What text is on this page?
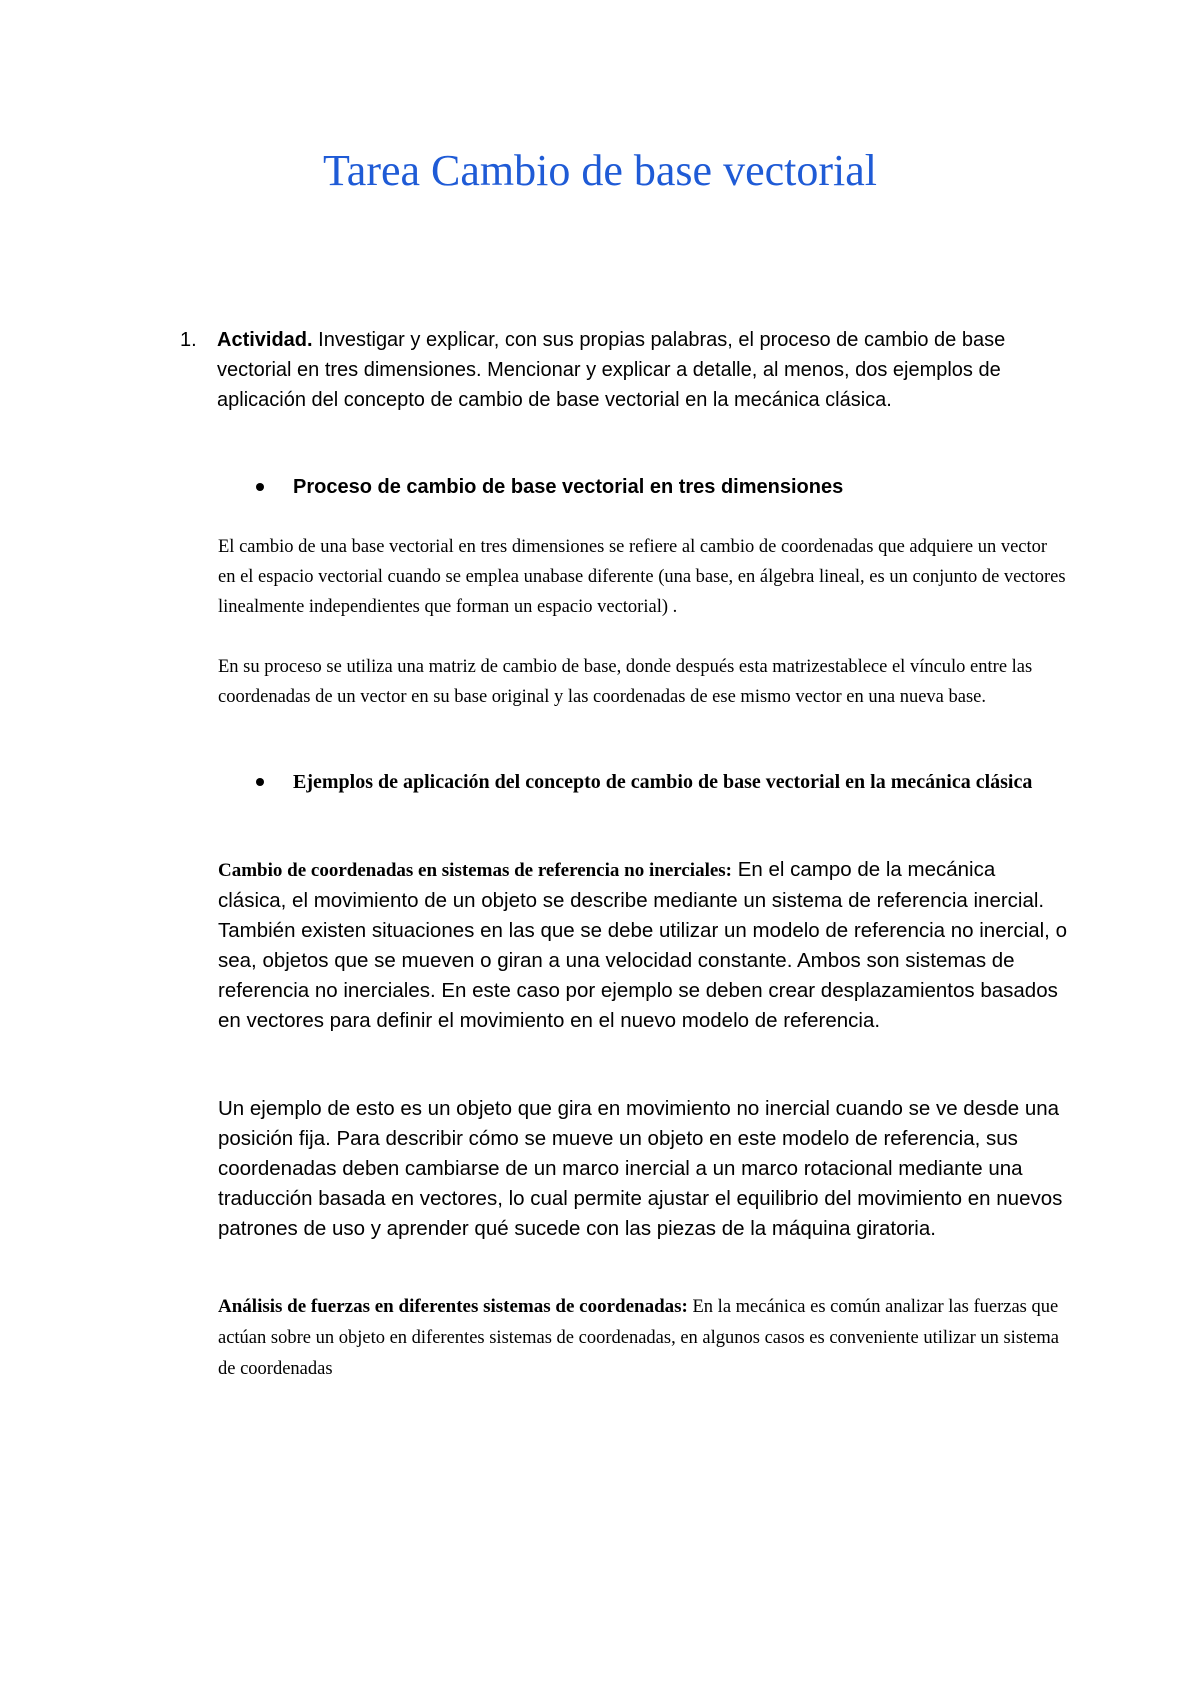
Tarea Cambio de base vectorial
1. Actividad. Investigar y explicar, con sus propias palabras, el proceso de cambio de base vectorial en tres dimensiones. Mencionar y explicar a detalle, al menos, dos ejemplos de aplicación del concepto de cambio de base vectorial en la mecánica clásica.
Proceso de cambio de base vectorial en tres dimensiones

El cambio de una base vectorial en tres dimensiones se refiere al cambio de coordenadas que adquiere un vector en el espacio vectorial cuando se emplea unabase diferente (una base, en álgebra lineal, es un conjunto de vectores linealmente independientes que forman un espacio vectorial) .

En su proceso se utiliza una matriz de cambio de base, donde después esta matrizestablece el vínculo entre las coordenadas de un vector en su base original y las coordenadas de ese mismo vector en una nueva base.

Ejemplos de aplicación del concepto de cambio de base vectorial en la mecánica clásica

Cambio de coordenadas en sistemas de referencia no inerciales: En el campo de la mecánica clásica, el movimiento de un objeto se describe mediante un sistema de referencia inercial. También existen situaciones en las que se debe utilizar un modelo de referencia no inercial, o sea, objetos que se mueven o giran a una velocidad constante. Ambos son sistemas de referencia no inerciales. En este caso por ejemplo se deben crear desplazamientos basados en vectores para definir el movimiento en el nuevo modelo de referencia.

Un ejemplo de esto es un objeto que gira en movimiento no inercial cuando se ve desde una posición fija. Para describir cómo se mueve un objeto en este modelo de referencia, sus coordenadas deben cambiarse de un marco inercial a un marco rotacional mediante una traducción basada en vectores, lo cual permite ajustar el equilibrio del movimiento en nuevos patrones de uso y aprender qué sucede con las piezas de la máquina giratoria.

Análisis de fuerzas en diferentes sistemas de coordenadas: En la mecánica es común analizar las fuerzas que actúan sobre un objeto en diferentes sistemas de coordenadas, en algunos casos es conveniente utilizar un sistema de coordenadas
